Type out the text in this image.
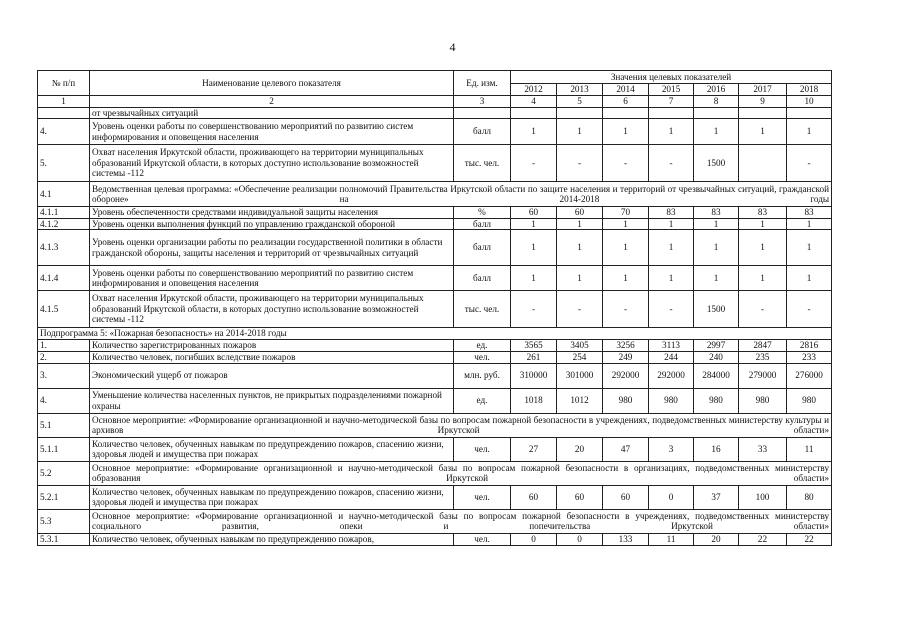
4
№ п/п	Наименование целевого показателя	Ед. изм.	Значения целевых показателей						
			2012	2013	2014	2015	2016	2017	2018
1	2	3	4	5	6	7	8	9	10
	от чрезвычайных ситуаций								
4.	Уровень оценки работы по совершенствованию мероприятий по развитию систем информирования и оповещения населения	балл	1	1	1	1	1	1	1
5.	Охват населения Иркутской области, проживающего на территории муниципальных образований Иркутской области, в которых доступно использование возможностей системы -112	тыс. чел.	-	-	-	-	1500		-
4.1	Ведомственная целевая программа: «Обеспечение реализации полномочий Правительства Иркутской области по защите населения и территорий от чрезвычайных ситуаций, гражданской обороне» на 2014-2018 годы								
4.1.1	Уровень обеспеченности средствами индивидуальной защиты населения	%	60	60	70	83	83	83	83
4.1.2	Уровень оценки выполнения функций по управлению гражданской обороной	балл	1	1	1	1	1	1	1
4.1.3	Уровень оценки организации работы по реализации государственной политики в области гражданской обороны, защиты населения и территорий от чрезвычайных ситуаций	балл	1	1	1	1	1	1	1
4.1.4	Уровень оценки работы по совершенствованию мероприятий по развитию систем информирования и оповещения населения	балл	1	1	1	1	1	1	1
4.1.5	Охват населения Иркутской области, проживающего на территории муниципальных образований Иркутской области, в которых доступно использование возможностей системы -112	тыс. чел.	-	-	-	-	1500	-	-
Подпрограмма 5: «Пожарная безопасность» на 2014-2018 годы									
1.	Количество зарегистрированных пожаров	ед.	3565	3405	3256	3113	2997	2847	2816
2.	Количество человек, погибших вследствие пожаров	чел.	261	254	249	244	240	235	233
3.	Экономический ущерб от пожаров	млн. руб.	310000	301000	292000	292000	284000	279000	276000
4.	Уменьшение количества населенных пунктов, не прикрытых подразделениями пожарной охраны	ед.	1018	1012	980	980	980	980	980
5.1	Основное мероприятие: «Формирование организационной и научно-методической базы по вопросам пожарной безопасности в учреждениях, подведомственных министерству культуры и архивов Иркутской области»								
5.1.1	Количество человек, обученных навыкам по предупреждению пожаров, спасению жизни, здоровья людей и имущества при пожарах	чел.	27	20	47	3	16	33	11
5.2	Основное мероприятие: «Формирование организационной и научно-методической базы по вопросам пожарной безопасности в организациях, подведомственных министерству образования Иркутской области»								
5.2.1	Количество человек, обученных навыкам по предупреждению пожаров, спасению жизни, здоровья людей и имущества при пожарах	чел.	60	60	60	0	37	100	80
5.3	Основное мероприятие: «Формирование организационной и научно-методической базы по вопросам пожарной безопасности в учреждениях, подведомственных министерству социального развития, опеки и попечительства Иркутской области»								
5.3.1	Количество человек, обученных навыкам по предупреждению пожаров,	чел.	0	0	133	11	20	22	22
